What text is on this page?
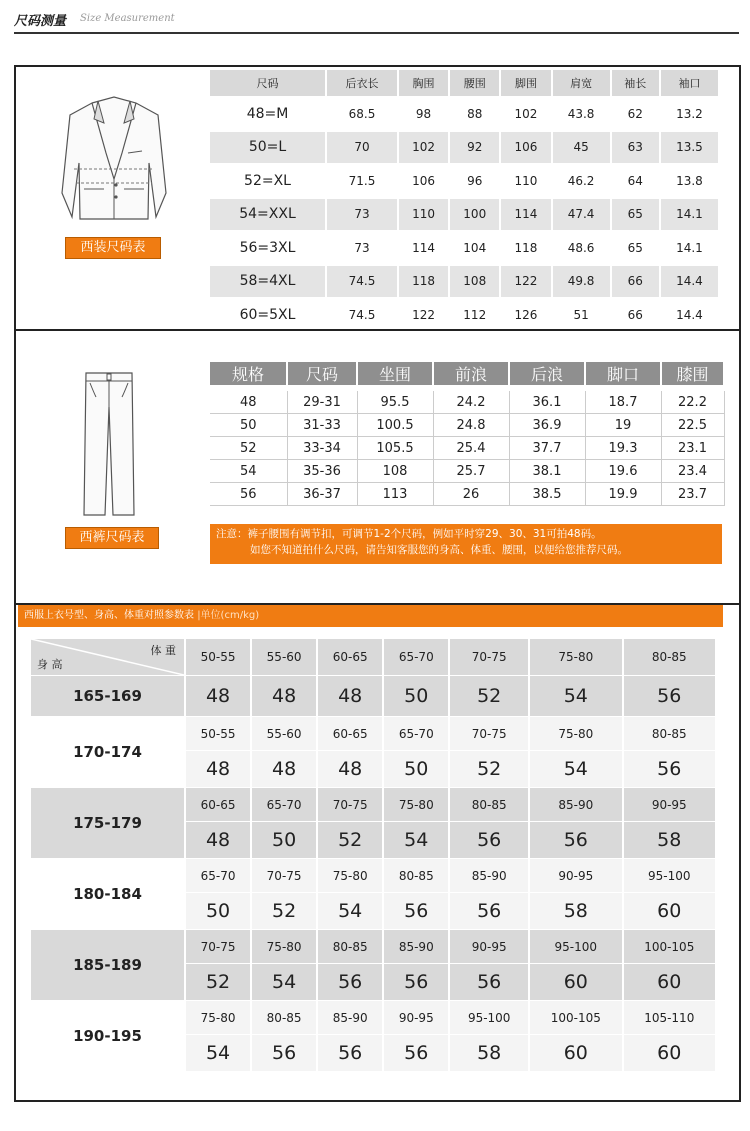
尺码测量 Size Measurement
西装尺码表
尺码	后衣长	胸围	腰围	脚围	肩宽	袖长	袖口
48=M	68.5	98	88	102	43.8	62	13.2
50=L	70	102	92	106	45	63	13.5
52=XL	71.5	106	96	110	46.2	64	13.8
54=XXL	73	110	100	114	47.4	65	14.1
56=3XL	73	114	104	118	48.6	65	14.1
58=4XL	74.5	118	108	122	49.8	66	14.4
60=5XL	74.5	122	112	126	51	66	14.4
西裤尺码表
规格	尺码	坐围	前浪	后浪	脚口	膝围

48	29-31	95.5	24.2	36.1	18.7	22.2
50	31-33	100.5	24.8	36.9	19	22.5
52	33-34	105.5	25.4	37.7	19.3	23.1
54	35-36	108	25.7	38.1	19.6	23.4
56	36-37	113	26	38.5	19.9	23.7
注意：裤子腰围有调节扣，可调节1-2个尺码，例如平时穿29、30、31可拍48码。
如您不知道拍什么尺码，请告知客服您的身高、体重、腰围，以便给您推荐尺码。
西服上衣号型、身高、体重对照参数表 |单位(cm/kg)
体 重
身 高	50-55	55-60	60-65	65-70	70-75	75-80	80-85
165-169	48	48	48	50	52	54	56
170-174	50-55	55-60	60-65	65-70	70-75	75-80	80-85
	48	48	48	50	52	54	56
175-179	60-65	65-70	70-75	75-80	80-85	85-90	90-95
	48	50	52	54	56	56	58
180-184	65-70	70-75	75-80	80-85	85-90	90-95	95-100
	50	52	54	56	56	58	60
185-189	70-75	75-80	80-85	85-90	90-95	95-100	100-105
	52	54	56	56	56	60	60
190-195	75-80	80-85	85-90	90-95	95-100	100-105	105-110
	54	56	56	56	58	60	60
